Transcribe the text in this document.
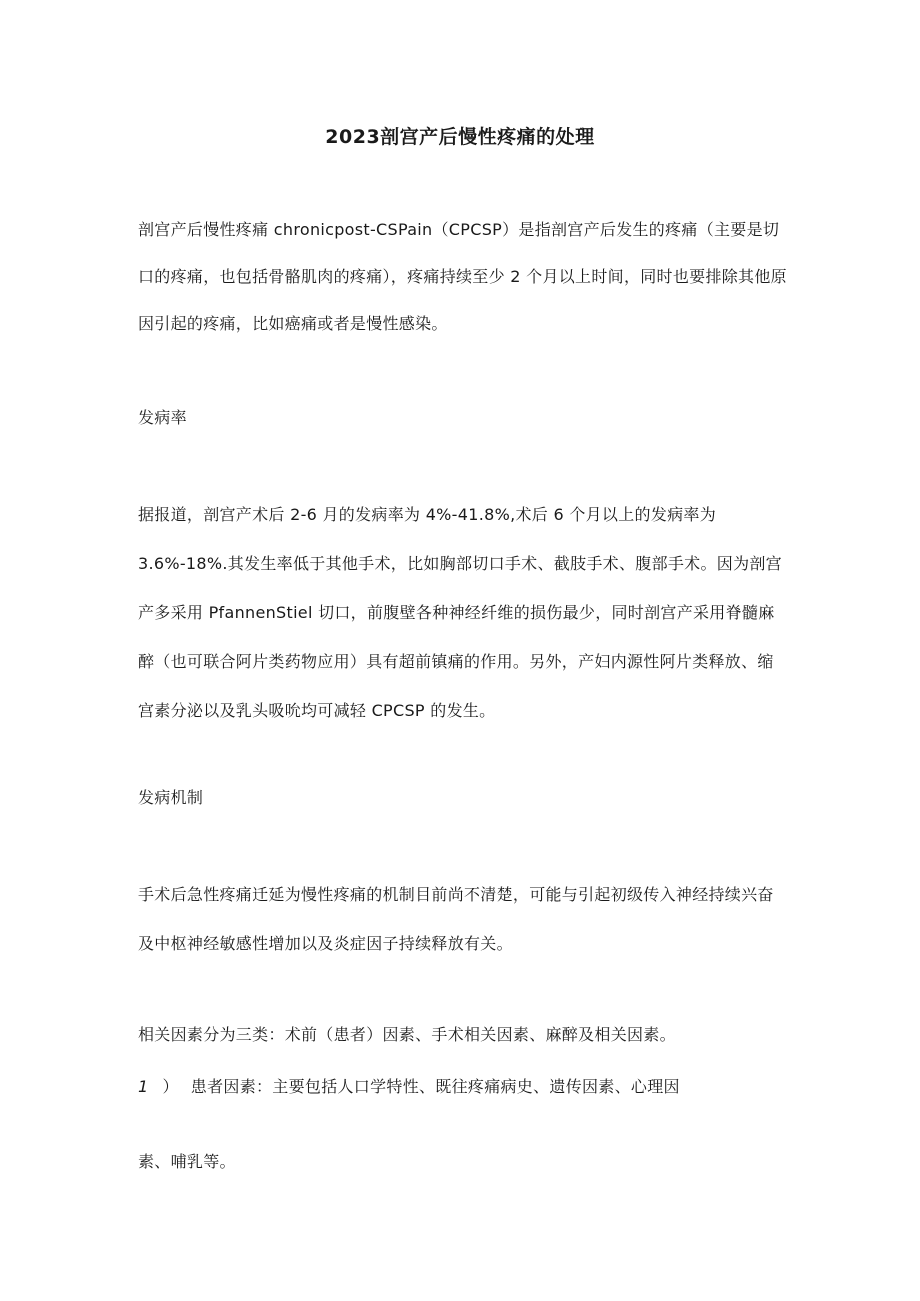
2023剖宫产后慢性疼痛的处理

剖宫产后慢性疼痛 chronicpost-CSPain（CPCSP）是指剖宫产后发生的疼痛（主要是切口的疼痛，也包括骨骼肌肉的疼痛），疼痛持续至少 2 个月以上时间，同时也要排除其他原因引起的疼痛，比如癌痛或者是慢性感染。

发病率

据报道，剖宫产术后 2-6 月的发病率为 4%-41.8%,术后 6 个月以上的发病率为 3.6%-18%.其发生率低于其他手术，比如胸部切口手术、截肢手术、腹部手术。因为剖宫产多采用 PfannenStiel 切口，前腹壁各种神经纤维的损伤最少，同时剖宫产采用脊髓麻醉（也可联合阿片类药物应用）具有超前镇痛的作用。另外，产妇内源性阿片类释放、缩宫素分泌以及乳头吸吮均可减轻 CPCSP 的发生。

发病机制

手术后急性疼痛迁延为慢性疼痛的机制目前尚不清楚，可能与引起初级传入神经持续兴奋及中枢神经敏感性增加以及炎症因子持续释放有关。

相关因素分为三类：术前（患者）因素、手术相关因素、麻醉及相关因素。

1 ） 患者因素：主要包括人口学特性、既往疼痛病史、遗传因素、心理因

素、哺乳等。
